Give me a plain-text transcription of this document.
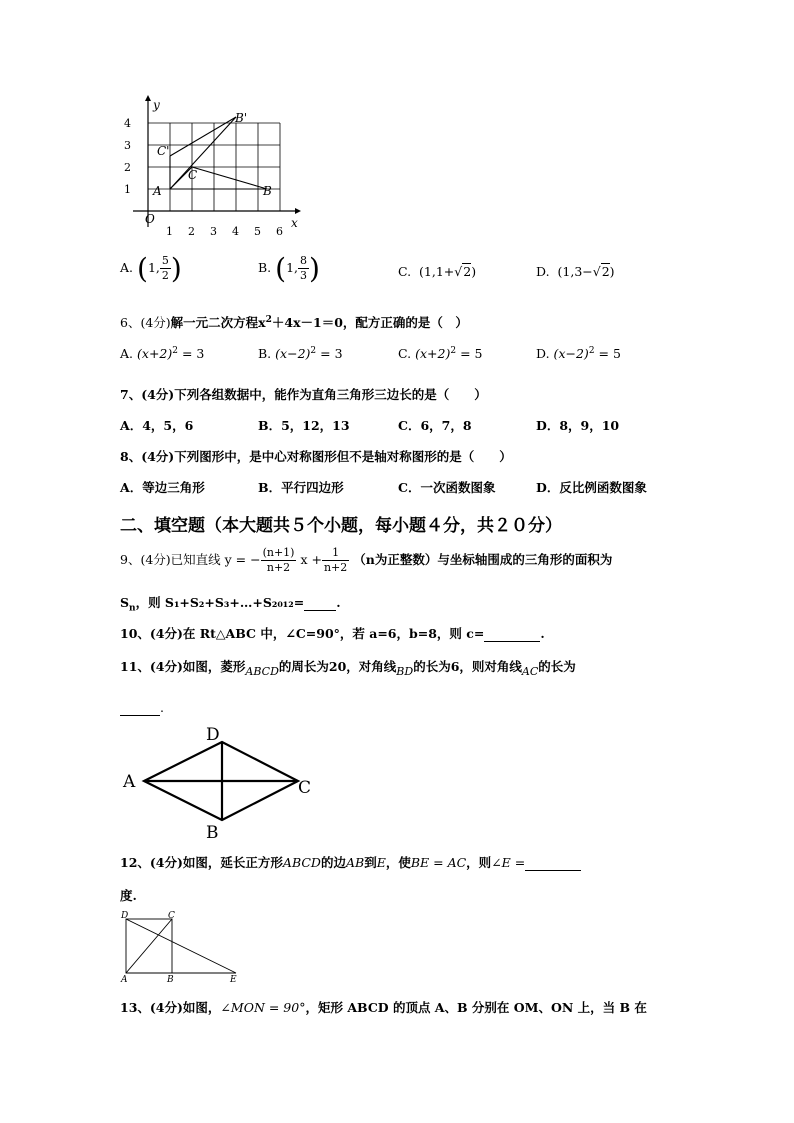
A	B
C
C'
B'
O	x
y
1 2 3 4 5 6
1
2
3
4
A. (1, $\frac{5}{2}$ )	B. (1, $\frac{8}{3}$ )	C. (1,1+√2)	D. (1,3−√2)
6、(4分)解一元二次方程$x^2+4x-1=0$，配方正确的是（　）
A. $(x+2)^2 = 3$	B. $(x-2)^2 = 3$	C. $(x+2)^2 = 5$	D. $(x-2)^2 = 5$
7、(4分)下列各组数据中，能作为直角三角形三边长的是（　　）
A．4，5，6	B．5，12，13	C．6，7，8	D．8，9，10
8、(4分)下列图形中，是中心对称图形但不是轴对称图形的是（　　）
A．等边三角形	B．平行四边形	C．一次函数图象	D．反比例函数图象
二、填空题（本大题共５个小题，每小题４分，共２０分）
9、(4分)已知直线 y = − $\frac{(n+1)}{n+2}$ $x + \frac{1}{n+2} (n$为正整数）与坐标轴围成的三角形的面积为
$S_n$，则 S₁+S₂+S₃+…+S₂₀₁₂=	.
10、(4分)在 Rt△ABC 中，∠C=90°，若 a=6，b=8，则 c=	.
11、(4分)如图，菱形ABCD的周长为20，对角线BD的长为6，则对角线AC的长为
.
A
B
C
D
12、(4分)如图，延长正方形ABCD的边AB到E，使BE = AC，则∠E =
度.
D	C
A	B	E
13、(4分)如图，∠MON = 90°，矩形 ABCD 的顶点 A、B 分别在 OM、ON 上，当 B 在
